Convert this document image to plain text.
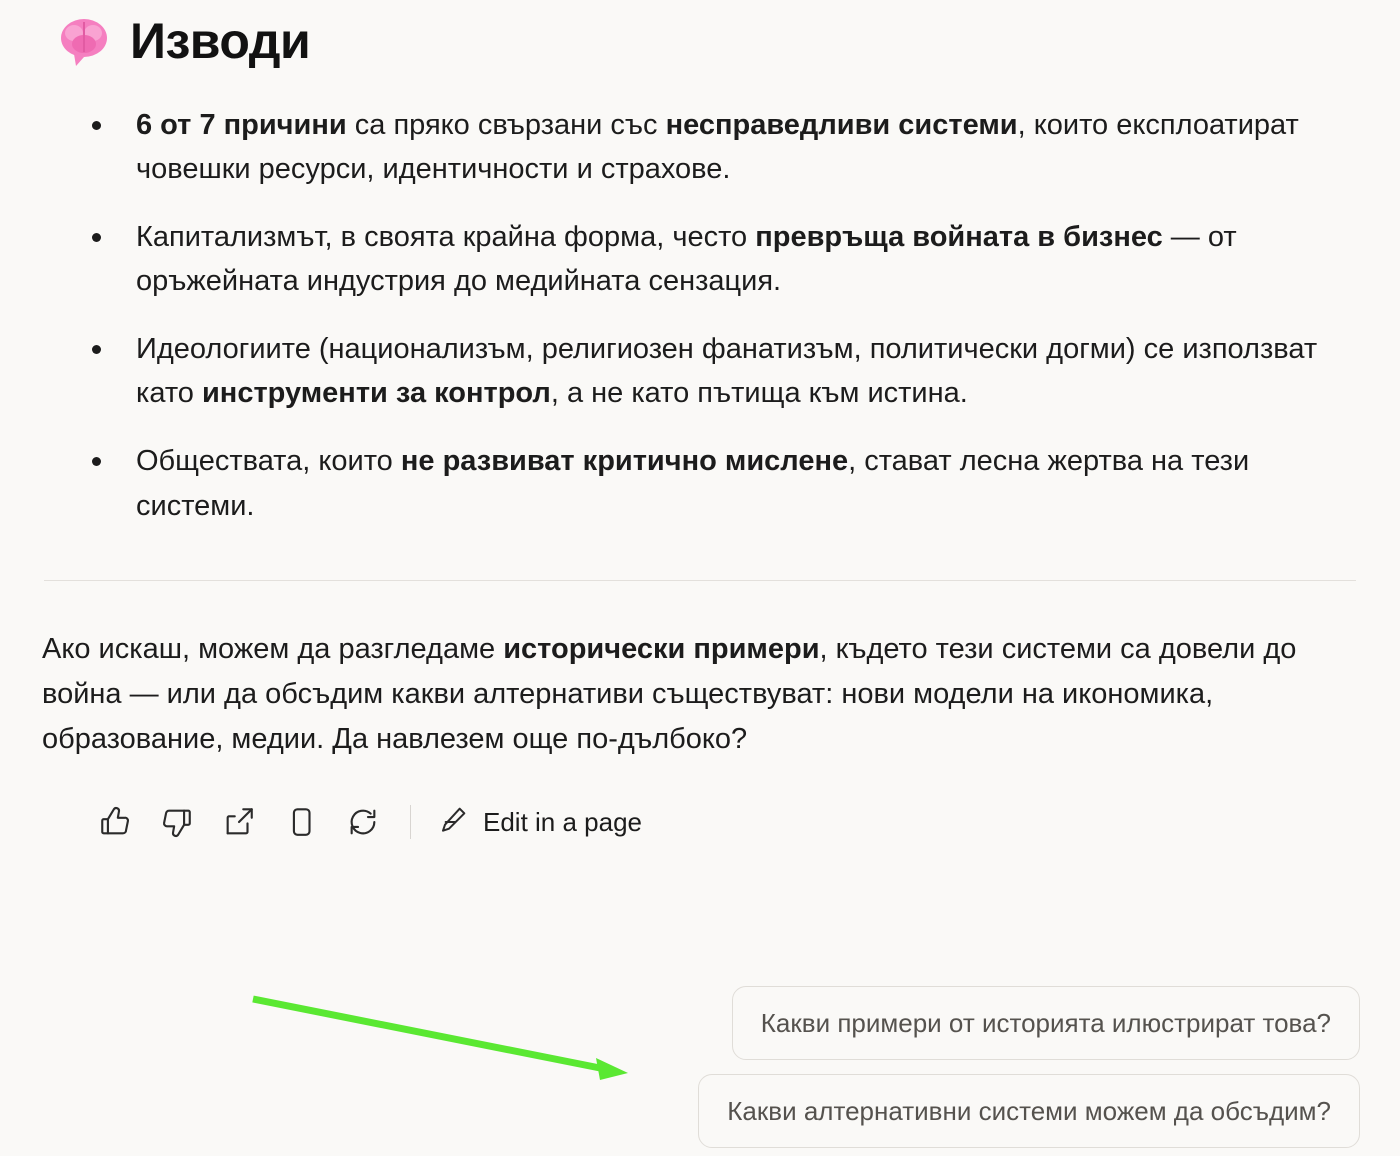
Изводи
6 от 7 причини са пряко свързани със несправедливи системи, които експлоатират човешки ресурси, идентичности и страхове.
Капитализмът, в своята крайна форма, често превръща войната в бизнес — от оръжейната индустрия до медийната сензация.
Идеологиите (национализъм, религиозен фанатизъм, политически догми) се използват като инструменти за контрол, а не като пътища към истина.
Обществата, които не развиват критично мислене, стават лесна жертва на тези системи.

Ако искаш, можем да разгледаме исторически примери, където тези системи са довели до война — или да обсъдим какви алтернативи съществуват: нови модели на икономика, образование, медии. Да навлезем още по-дълбоко?

Edit in a page
Какви примери от историята илюстрират това?
Какви алтернативни системи можем да обсъдим?
